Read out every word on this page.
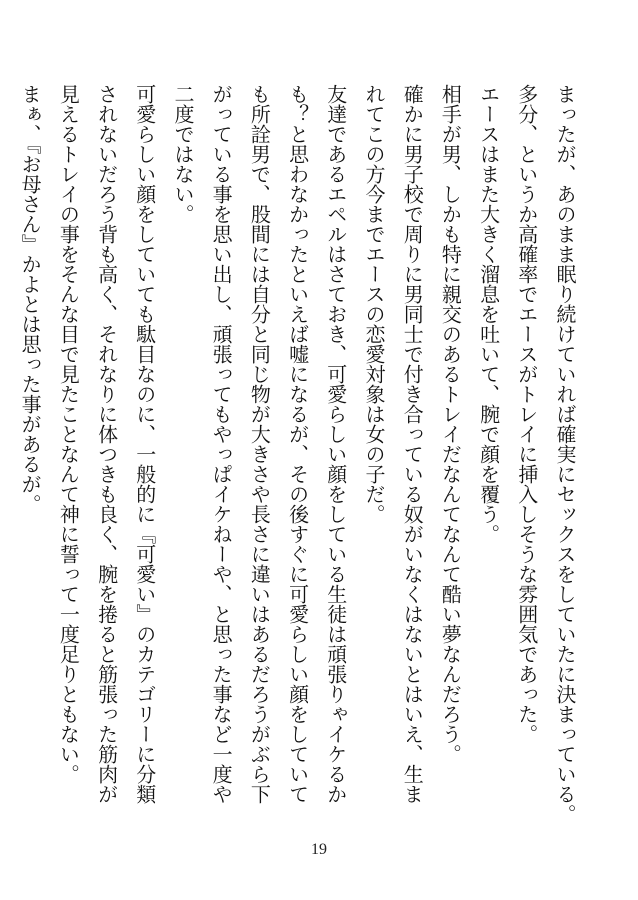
まったが、あのまま眠り続けていれば確実にセックスをしていたに決まっている。
多分、というか高確率でエースがトレイに挿入しそうな雰囲気であった。
エースはまた大きく溜息を吐いて、腕で顔を覆う。
相手が男、しかも特に親交のあるトレイだなんてなんて酷い夢なんだろう。
確かに男子校で周りに男同士で付き合っている奴がいなくはないとはいえ、生ま
れてこの方今までエースの恋愛対象は女の子だ。
友達であるエペルはさておき、可愛らしい顔をしている生徒は頑張りゃイケるか
も？と思わなかったといえば嘘になるが、その後すぐに可愛らしい顔をしていて
も所詮男で、股間には自分と同じ物が大きさや長さに違いはあるだろうがぶら下
がっている事を思い出し、頑張ってもやっぱイケねーや、と思った事など一度や
二度ではない。
可愛らしい顔をしていても駄目なのに、一般的に『可愛い』のカテゴリーに分類
されないだろう背も高く、それなりに体つきも良く、腕を捲ると筋張った筋肉が
見えるトレイの事をそんな目で見たことなんて神に誓って一度足りともない。
まぁ、『お母さん』かよとは思った事があるが。
19
